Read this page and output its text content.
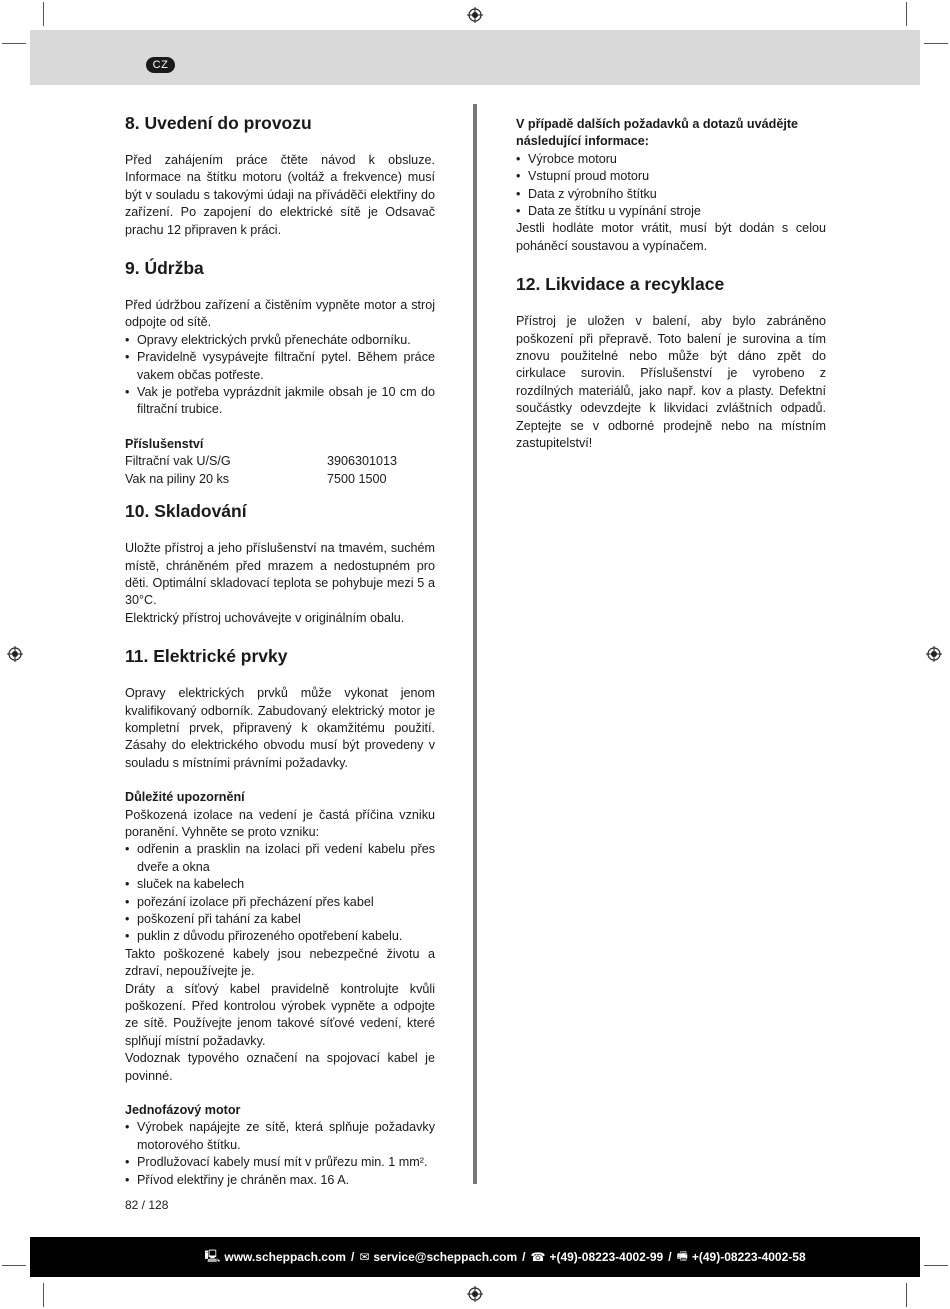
CZ
8. Uvedení do provozu

Před zahájením práce čtěte návod k obsluze. Informace na štítku motoru (voltáž a frekvence) musí být v souladu s takovými údaji na příváděči elektřiny do zařízení. Po zapojení do elektrické sítě je Odsavač prachu 12 připraven k práci.

9. Údržba

Před údržbou zařízení a čistěním vypněte motor a stroj odpojte od sítě.

• Opravy elektrických prvků přenecháte odborníku.
• Pravidelně vysypávejte filtrační pytel. Během práce vakem občas potřeste.
• Vak je potřeba vyprázdnit jakmile obsah je 10 cm do filtrační trubice.
Příslušenství
Filtrační vak U/S/G	3906301013
Vak na piliny 20 ks	7500 1500
10. Skladování

Uložte přístroj a jeho příslušenství na tmavém, suchém místě, chráněném před mrazem a nedostupném pro děti. Optimální skladovací teplota se pohybuje mezi 5 a 30°C.

Elektrický přístroj uchovávejte v originálním obalu.

11. Elektrické prvky

Opravy elektrických prvků může vykonat jenom kvalifikovaný odborník. Zabudovaný elektrický motor je kompletní prvek, připravený k okamžitému použití. Zásahy do elektrického obvodu musí být provedeny v souladu s místními právními požadavky.

Důležité upozornění

Poškozená izolace na vedení je častá příčina vzniku poranění. Vyhněte se proto vzniku:

• odřenin a prasklin na izolaci při vedení kabelu přes dveře a okna
• sluček na kabelech
• pořezání izolace při přecházení přes kabel
• poškození při tahání za kabel
• puklin z důvodu přirozeného opotřebení kabelu.

Takto poškozené kabely jsou nebezpečné životu a zdraví, nepoužívejte je.

Dráty a síťový kabel pravidelně kontrolujte kvůli poškození. Před kontrolou výrobek vypněte a odpojte ze sítě. Používejte jenom takové síťové vedení, které splňují místní požadavky.

Vodoznak typového označení na spojovací kabel je povinné.

Jednofázový motor
• Výrobek napájejte ze sítě, která splňuje požadavky motorového štítku.
• Prodlužovací kabely musí mít v průřezu min. 1 mm².
• Přívod elektřiny je chráněn max. 16 A.
V případě dalších požadavků a dotazů uvádějte následující informace:
• Výrobce motoru
• Vstupní proud motoru
• Data z výrobního štítku
• Data ze štítku u vypínání stroje

Jestli hodláte motor vrátit, musí být dodán s celou poháněcí soustavou a vypínačem.

12. Likvidace a recyklace

Přístroj je uložen v balení, aby bylo zabráněno poškození při přepravě. Toto balení je surovina a tím znovu použitelné nebo může být dáno zpět do cirkulace surovin. Příslušenství je vyrobeno z rozdílných materiálů, jako např. kov a plasty. Defektní součástky odevzdejte k likvidaci zvláštních odpadů. Zeptejte se v odborné prodejně nebo na místním zastupitelství!

82 / 128
🖳 www.scheppach.com / ✉ service@scheppach.com / ☎ +(49)-08223-4002-99 / 🖷 +(49)-08223-4002-58
